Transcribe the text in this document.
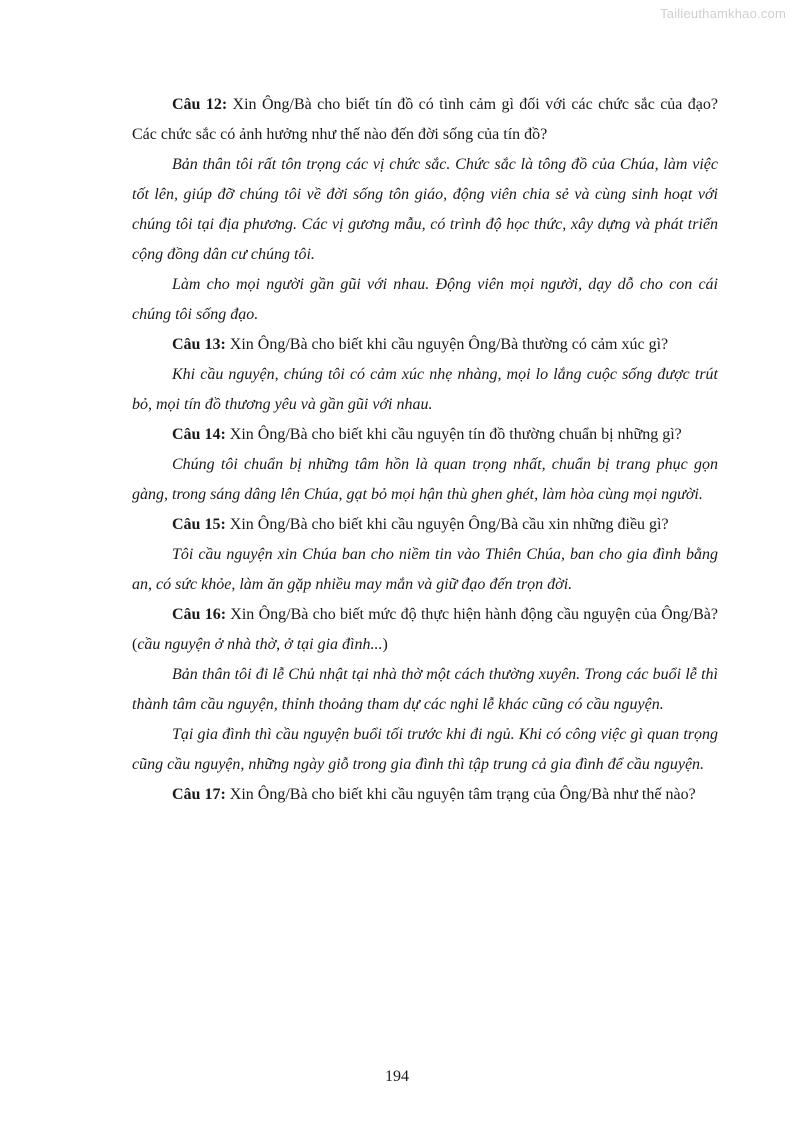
Tailieuthamkhao.com

Câu 12: Xin Ông/Bà cho biết tín đồ có tình cảm gì đối với các chức sắc của đạo? Các chức sắc có ảnh hưởng như thế nào đến đời sống của tín đồ?

Bản thân tôi rất tôn trọng các vị chức sắc. Chức sắc là tông đồ của Chúa, làm việc tốt lên, giúp đỡ chúng tôi về đời sống tôn giáo, động viên chia sẻ và cùng sinh hoạt với chúng tôi tại địa phương. Các vị gương mẫu, có trình độ học thức, xây dựng và phát triển cộng đồng dân cư chúng tôi.

Làm cho mọi người gần gũi với nhau. Động viên mọi người, dạy dỗ cho con cái chúng tôi sống đạo.

Câu 13: Xin Ông/Bà cho biết khi cầu nguyện Ông/Bà thường có cảm xúc gì?

Khi cầu nguyện, chúng tôi có cảm xúc nhẹ nhàng, mọi lo lắng cuộc sống được trút bỏ, mọi tín đồ thương yêu và gần gũi với nhau.

Câu 14: Xin Ông/Bà cho biết khi cầu nguyện tín đồ thường chuẩn bị những gì?

Chúng tôi chuẩn bị những tâm hồn là quan trọng nhất, chuẩn bị trang phục gọn gàng, trong sáng dâng lên Chúa, gạt bỏ mọi hận thù ghen ghét, làm hòa cùng mọi người.

Câu 15: Xin Ông/Bà cho biết khi cầu nguyện Ông/Bà cầu xin những điều gì?

Tôi cầu nguyện xin Chúa ban cho niềm tin vào Thiên Chúa, ban cho gia đình bằng an, có sức khỏe, làm ăn gặp nhiều may mắn và giữ đạo đến trọn đời.

Câu 16: Xin Ông/Bà cho biết mức độ thực hiện hành động cầu nguyện của Ông/Bà? (cầu nguyện ở nhà thờ, ở tại gia đình...)

Bản thân tôi đi lễ Chủ nhật tại nhà thờ một cách thường xuyên. Trong các buổi lễ thì thành tâm cầu nguyện, thỉnh thoảng tham dự các nghi lễ khác cũng có cầu nguyện.

Tại gia đình thì cầu nguyện buổi tối trước khi đi ngủ. Khi có công việc gì quan trọng cũng cầu nguyện, những ngày giỗ trong gia đình thì tập trung cả gia đình để cầu nguyện.

Câu 17: Xin Ông/Bà cho biết khi cầu nguyện tâm trạng của Ông/Bà như thế nào?

194
